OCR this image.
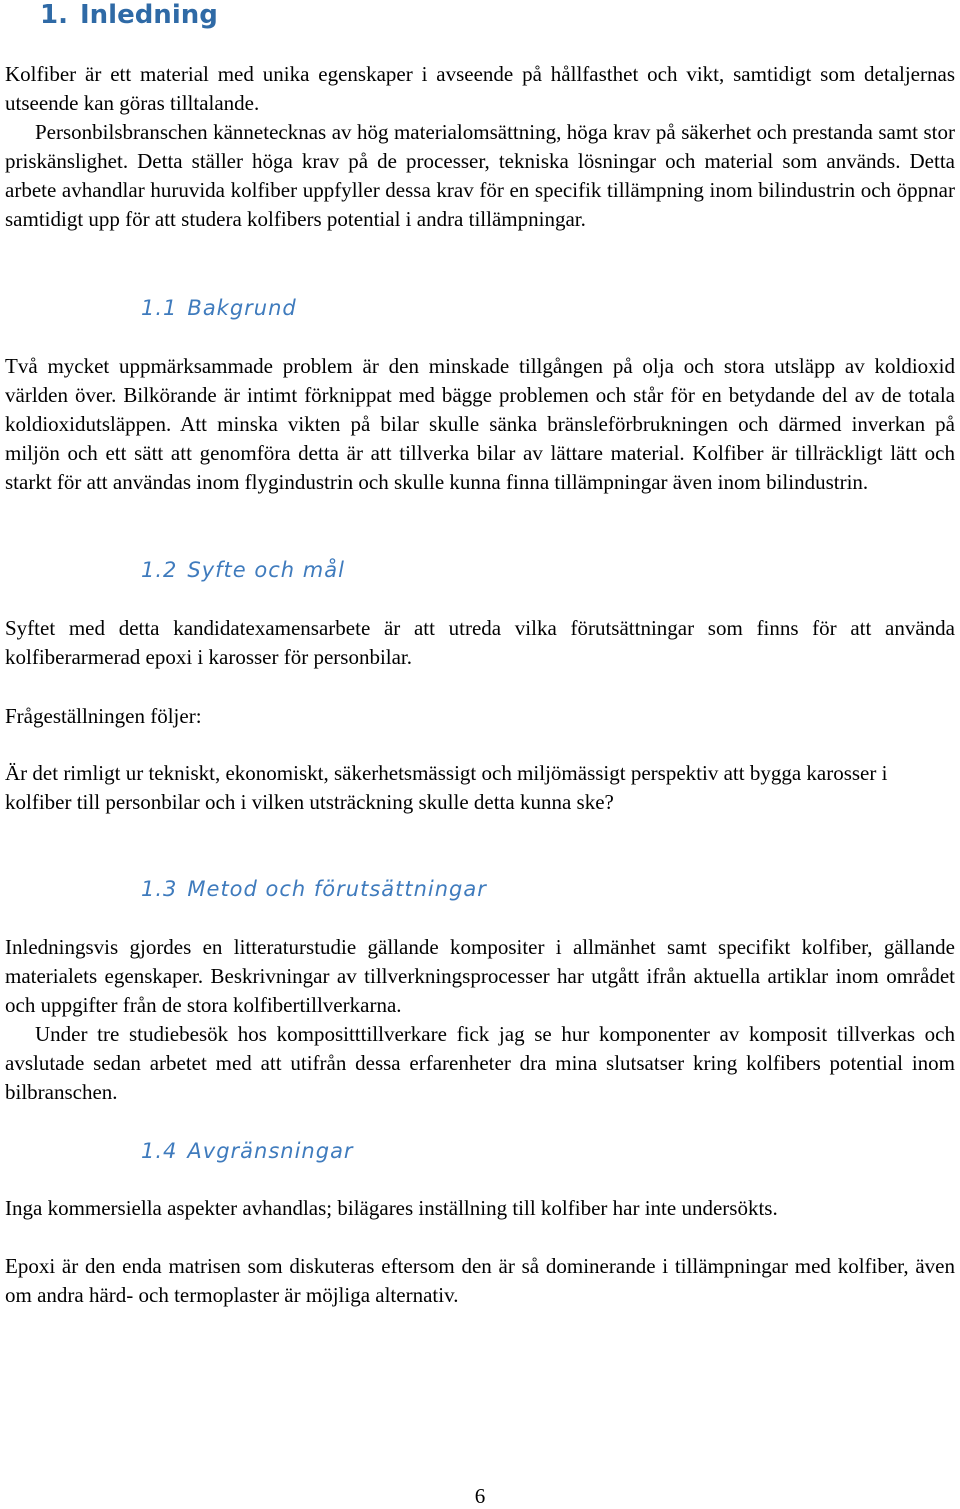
1. Inledning

Kolfiber är ett material med unika egenskaper i avseende på hållfasthet och vikt, samtidigt som detaljernas utseende kan göras tilltalande.
Personbilsbranschen kännetecknas av hög materialomsättning, höga krav på säkerhet och prestanda samt stor priskänslighet. Detta ställer höga krav på de processer, tekniska lösningar och material som används. Detta arbete avhandlar huruvida kolfiber uppfyller dessa krav för en specifik tillämpning inom bilindustrin och öppnar samtidigt upp för att studera kolfibers potential i andra tillämpningar.

1.1 Bakgrund

Två mycket uppmärksammade problem är den minskade tillgången på olja och stora utsläpp av koldioxid världen över. Bilkörande är intimt förknippat med bägge problemen och står för en betydande del av de totala koldioxidutsläppen. Att minska vikten på bilar skulle sänka bränsleförbrukningen och därmed inverkan på miljön och ett sätt att genomföra detta är att tillverka bilar av lättare material. Kolfiber är tillräckligt lätt och starkt för att användas inom flygindustrin och skulle kunna finna tillämpningar även inom bilindustrin.

1.2 Syfte och mål

Syftet med detta kandidatexamensarbete är att utreda vilka förutsättningar som finns för att använda kolfiberarmerad epoxi i karosser för personbilar.

Frågeställningen följer:

Är det rimligt ur tekniskt, ekonomiskt, säkerhetsmässigt och miljömässigt perspektiv att bygga karosser i kolfiber till personbilar och i vilken utsträckning skulle detta kunna ske?

1.3 Metod och förutsättningar

Inledningsvis gjordes en litteraturstudie gällande kompositer i allmänhet samt specifikt kolfiber, gällande materialets egenskaper. Beskrivningar av tillverkningsprocesser har utgått ifrån aktuella artiklar inom området och uppgifter från de stora kolfibertillverkarna.
Under tre studiebesök hos kompositttillverkare fick jag se hur komponenter av komposit tillverkas och avslutade sedan arbetet med att utifrån dessa erfarenheter dra mina slutsatser kring kolfibers potential inom bilbranschen.

1.4 Avgränsningar

Inga kommersiella aspekter avhandlas; bilägares inställning till kolfiber har inte undersökts.

Epoxi är den enda matrisen som diskuteras eftersom den är så dominerande i tillämpningar med kolfiber, även om andra härd- och termoplaster är möjliga alternativ.

6
